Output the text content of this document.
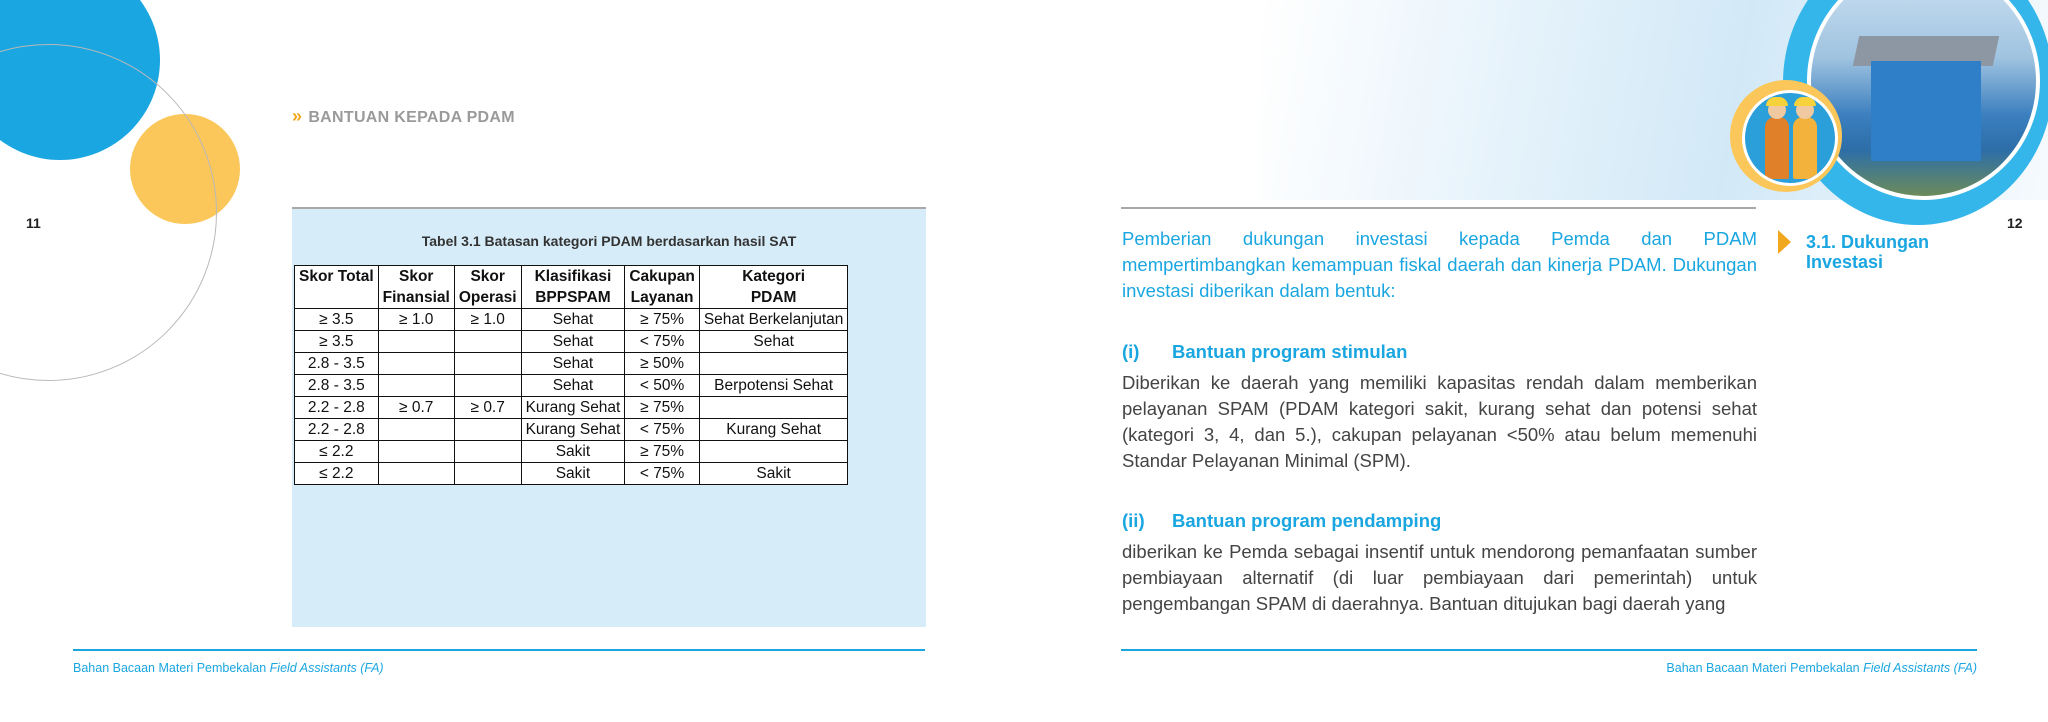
11
» BANTUAN KEPADA PDAM
Tabel 3.1 Batasan kategori PDAM berdasarkan hasil SAT
Skor Total	Skor	Skor	Klasifikasi	Cakupan	Kategori
	Finansial	Operasi	BPPSPAM	Layanan	PDAM
≥ 3.5	≥ 1.0	≥ 1.0	Sehat	≥ 75%	Sehat Berkelanjutan
≥ 3.5			Sehat	< 75%	Sehat
2.8 - 3.5			Sehat	≥ 50%	
2.8 - 3.5			Sehat	< 50%	Berpotensi Sehat
2.2 - 2.8	≥ 0.7	≥ 0.7	Kurang Sehat	≥ 75%	
2.2 - 2.8			Kurang Sehat	< 75%	Kurang Sehat
≤ 2.2			Sakit	≥ 75%	
≤ 2.2			Sakit	< 75%	Sakit
Bahan Bacaan Materi Pembekalan Field Assistants (FA)
12
Pemberian dukungan investasi kepada Pemda dan PDAM mempertimbangkan kemampuan fiskal daerah dan kinerja PDAM. Dukungan investasi diberikan dalam bentuk:
(i) Bantuan program stimulan
Diberikan ke daerah yang memiliki kapasitas rendah dalam memberikan pelayanan SPAM (PDAM kategori sakit, kurang sehat dan potensi sehat (kategori 3, 4, dan 5.), cakupan pelayanan <50% atau belum memenuhi Standar Pelayanan Minimal (SPM).
(ii) Bantuan program pendamping
diberikan ke Pemda sebagai insentif untuk mendorong pemanfaatan sumber pembiayaan alternatif (di luar pembiayaan dari pemerintah) untuk pengembangan SPAM di daerahnya. Bantuan ditujukan bagi daerah yang
3.1. Dukungan Investasi
Bahan Bacaan Materi Pembekalan Field Assistants (FA)
